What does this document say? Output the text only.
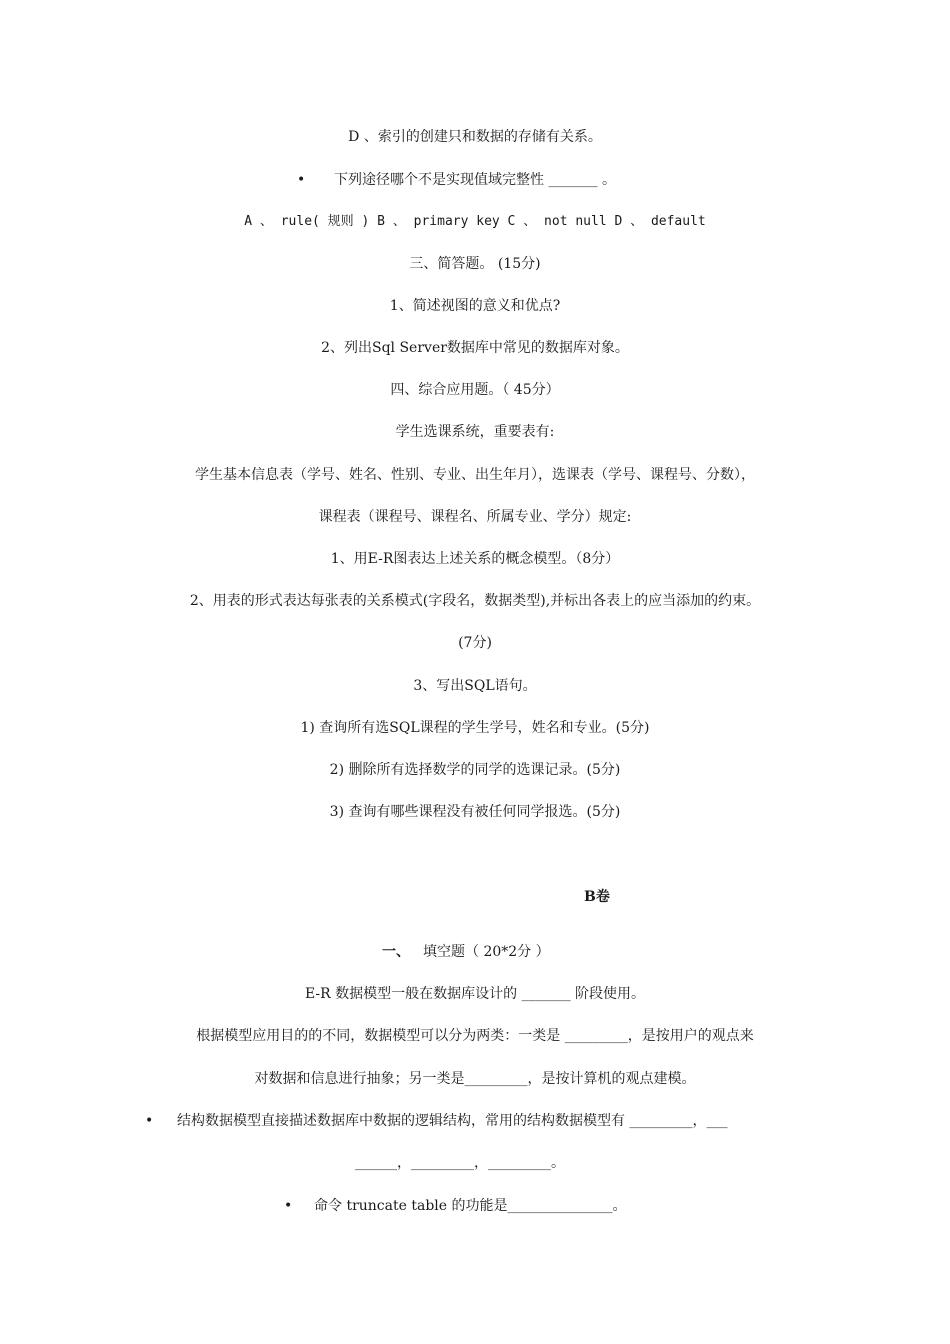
D 、索引的创建只和数据的存储有关系。
•	下列途径哪个不是实现值域完整性 _______ 。
A 、 rule( 规则 ) B 、 primary key C 、 not null D 、 default
三、简答题。 (15分)
1、简述视图的意义和优点?
2、列出Sql Server数据库中常见的数据库对象。
四、综合应用题。（ 45分）
学生选课系统，重要表有:
学生基本信息表（学号、姓名、性别、专业、出生年月），选课表（学号、课程号、分数），
课程表（课程号、课程名、所属专业、学分）规定:
1、用E-R图表达上述关系的概念模型。（8分）
2、用表的形式表达每张表的关系模式(字段名，数据类型),并标出各表上的应当添加的约束。
(7分)
3、写出SQL语句。
1) 查询所有选SQL课程的学生学号，姓名和专业。(5分)
2) 删除所有选择数学的同学的选课记录。(5分)
3) 查询有哪些课程没有被任何同学报选。(5分)
B卷
一、 填空题（ 20*2分 ）
E-R 数据模型一般在数据库设计的 _______ 阶段使用。
根据模型应用目的的不同，数据模型可以分为两类：一类是 _________，是按用户的观点来
对数据和信息进行抽象；另一类是_________，是按计算机的观点建模。
• 结构数据模型直接描述数据库中数据的逻辑结构，常用的结构数据模型有 _________，___
______，_________，_________。
• 命令 truncate table 的功能是_______________。
